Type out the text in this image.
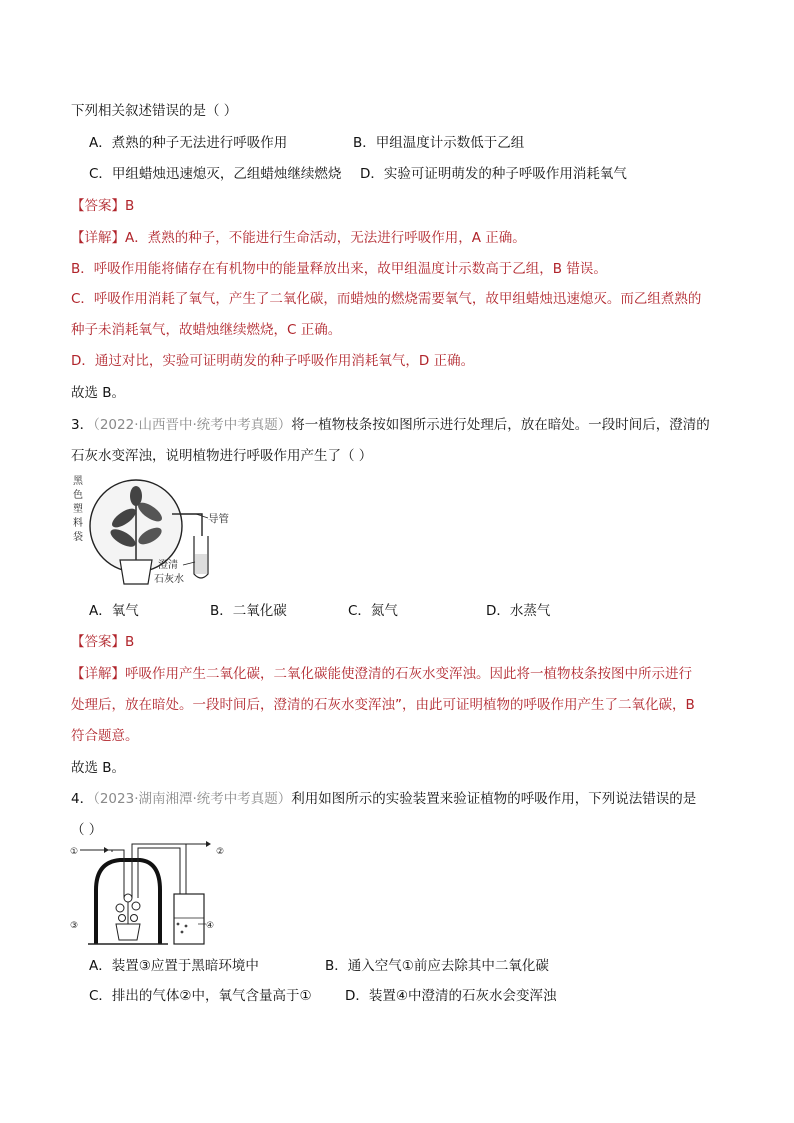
下列相关叙述错误的是（ ）
A．煮熟的种子无法进行呼吸作用	B．甲组温度计示数低于乙组
C．甲组蜡烛迅速熄灭，乙组蜡烛继续燃烧 D．实验可证明萌发的种子呼吸作用消耗氧气
【答案】B
【详解】A．煮熟的种子，不能进行生命活动，无法进行呼吸作用，A 正确。
B．呼吸作用能将储存在有机物中的能量释放出来，故甲组温度计示数高于乙组，B 错误。
C．呼吸作用消耗了氧气，产生了二氧化碳，而蜡烛的燃烧需要氧气，故甲组蜡烛迅速熄灭。而乙组煮熟的
种子未消耗氧气，故蜡烛继续燃烧，C 正确。
D．通过对比，实验可证明萌发的种子呼吸作用消耗氧气，D 正确。
故选 B。
3．（2022·山西晋中·统考中考真题）将一植物枝条按如图所示进行处理后，放在暗处。一段时间后，澄清的
石灰水变浑浊，说明植物进行呼吸作用产生了（ ）
黑
色
塑
料
袋
导管
澄清
石灰水
A．氧气	B．二氧化碳	C．氮气	D．水蒸气
【答案】B
【详解】呼吸作用产生二氧化碳，二氧化碳能使澄清的石灰水变浑浊。因此将一植物枝条按图中所示进行
处理后，放在暗处。一段时间后，澄清的石灰水变浑浊”，由此可证明植物的呼吸作用产生了二氧化碳，B
符合题意。
故选 B。
4．（2023·湖南湘潭·统考中考真题）利用如图所示的实验装置来验证植物的呼吸作用，下列说法错误的是
（ ）
①	②
③	④
A．装置③应置于黑暗环境中	B．通入空气①前应去除其中二氧化碳
C．排出的气体②中，氧气含量高于① D．装置④中澄清的石灰水会变浑浊
